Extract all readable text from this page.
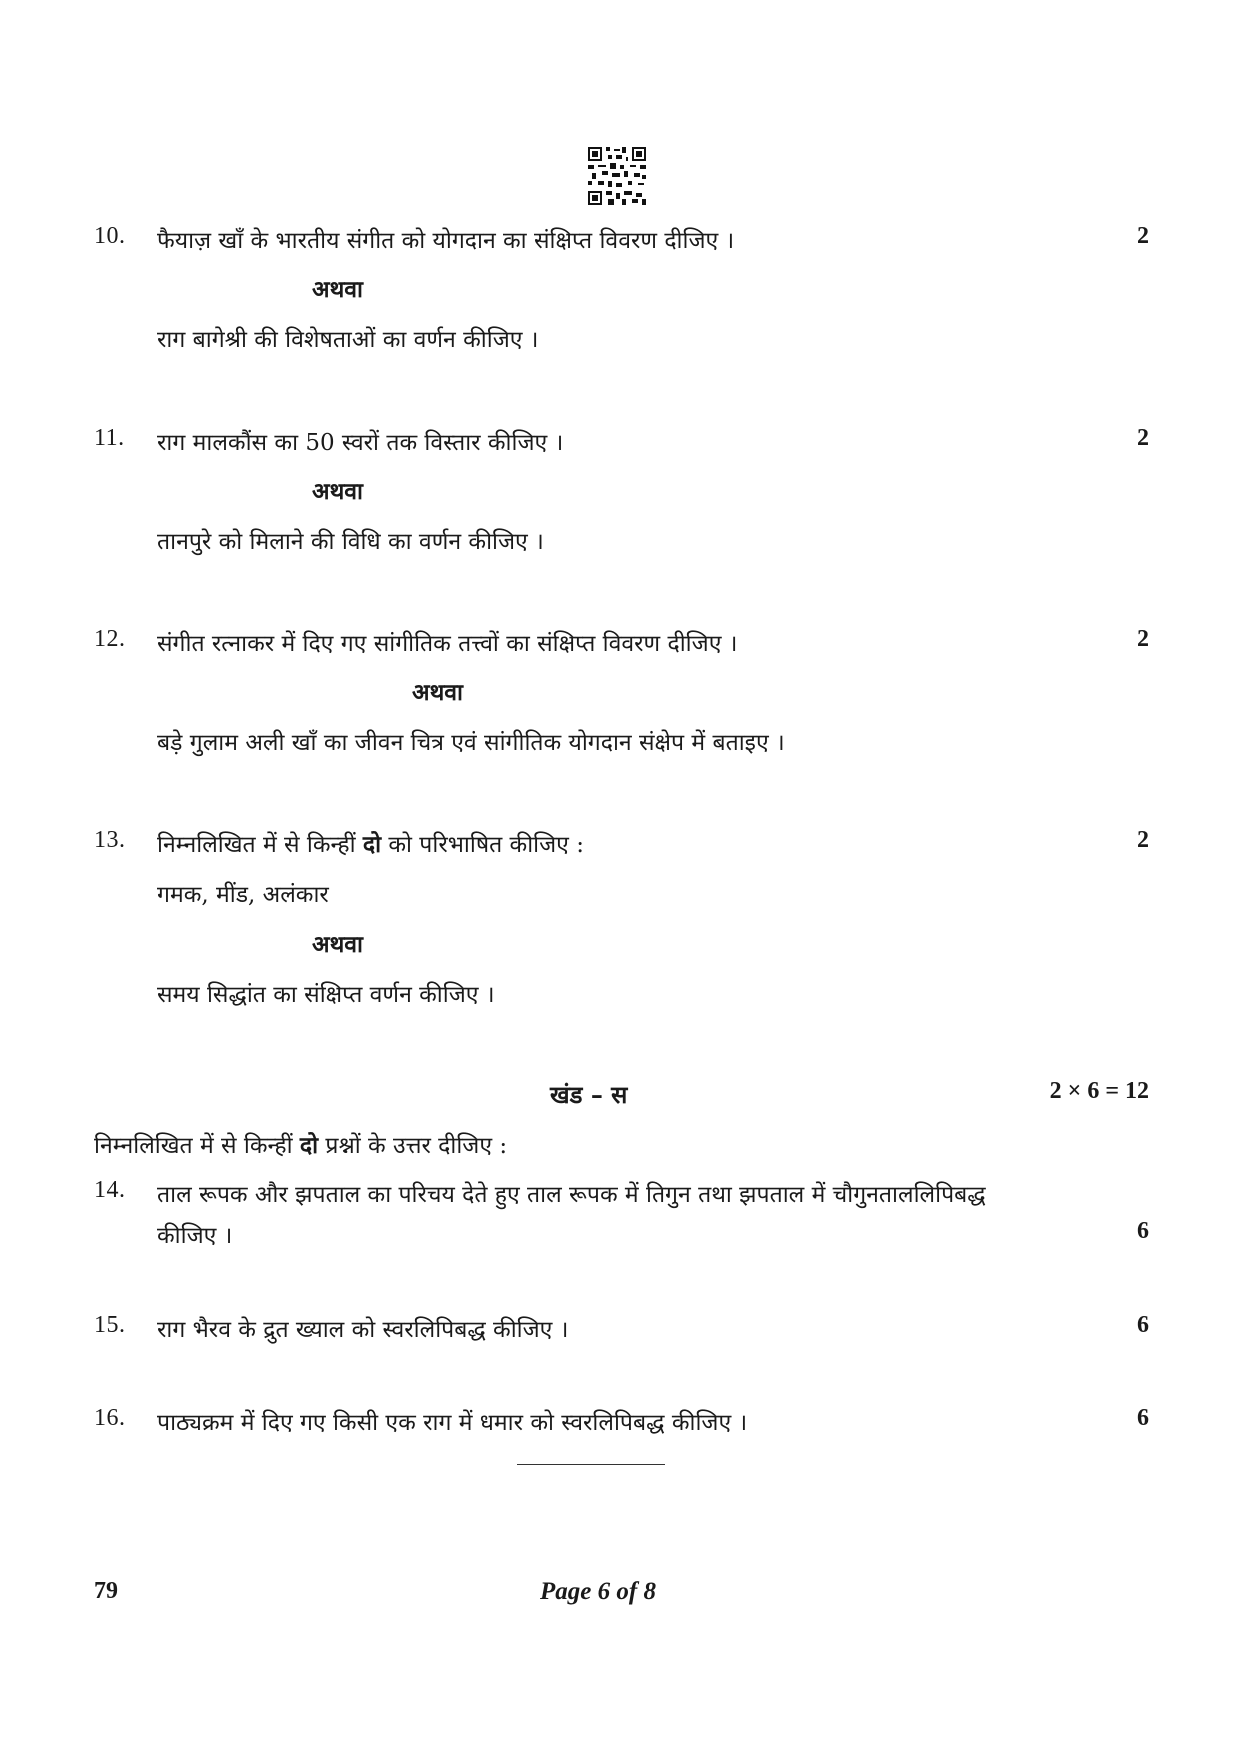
10.	फैयाज़ खाँ के भारतीय संगीत को योगदान का संक्षिप्त विवरण दीजिए ।	2
अथवा
राग बागेश्री की विशेषताओं का वर्णन कीजिए ।
11.	राग मालकौंस का 50 स्वरों तक विस्तार कीजिए ।	2
अथवा
तानपुरे को मिलाने की विधि का वर्णन कीजिए ।
12.	संगीत रत्नाकर में दिए गए सांगीतिक तत्त्वों का संक्षिप्त विवरण दीजिए ।	2
अथवा
बड़े गुलाम अली खाँ का जीवन चित्र एवं सांगीतिक योगदान संक्षेप में बताइए ।
13.	निम्नलिखित में से किन्हीं दो को परिभाषित कीजिए :	2
गमक, मींड, अलंकार
अथवा
समय सिद्धांत का संक्षिप्त वर्णन कीजिए ।
खंड – स	2 × 6 = 12
निम्नलिखित में से किन्हीं दो प्रश्नों के उत्तर दीजिए :
14.	ताल रूपक और झपताल का परिचय देते हुए ताल रूपक में तिगुन तथा झपताल में चौगुनताललिपिबद्ध
कीजिए ।	6
15.	राग भैरव के द्रुत ख्याल को स्वरलिपिबद्ध कीजिए ।	6
16.	पाठ्यक्रम में दिए गए किसी एक राग में धमार को स्वरलिपिबद्ध कीजिए ।	6
79	Page 6 of 8
